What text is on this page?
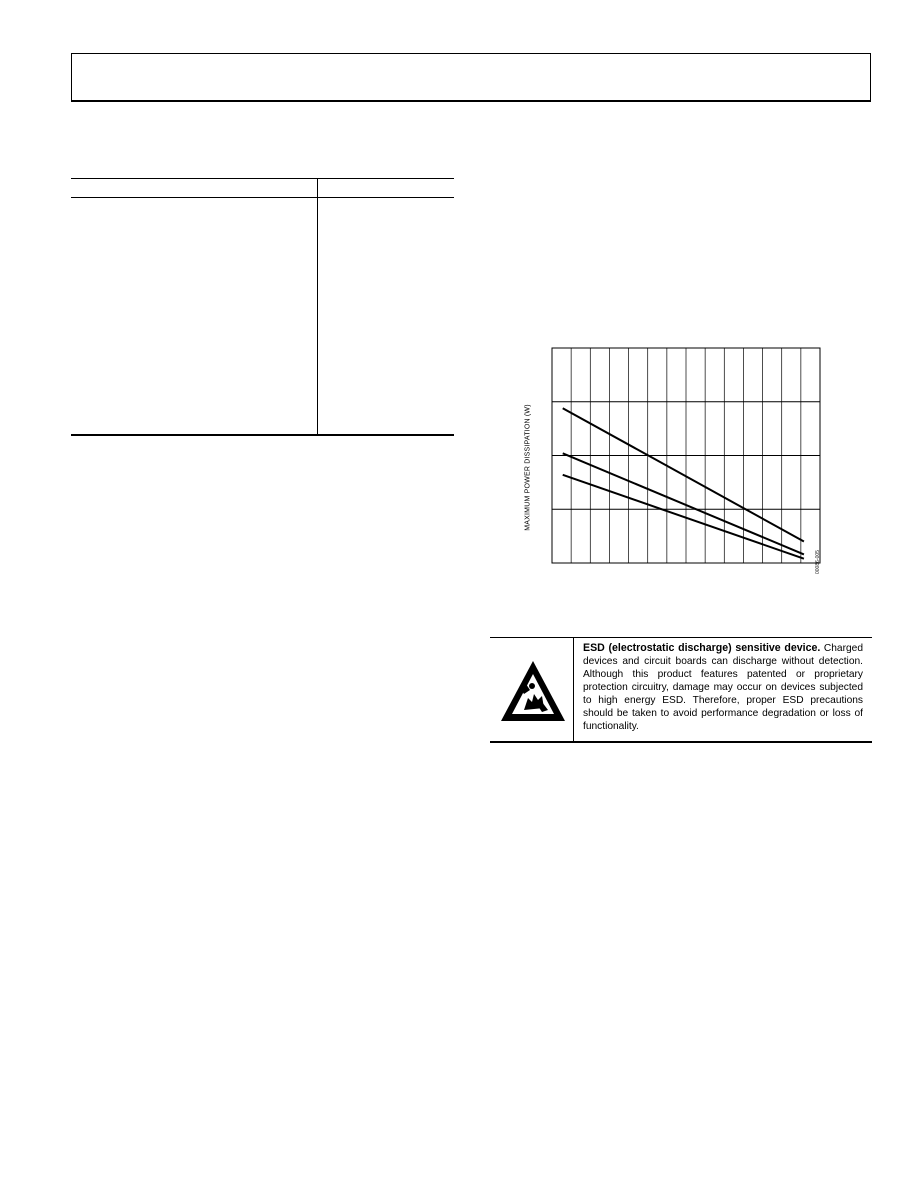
MAXIMUM POWER DISSIPATION (W)
00086-005
ESD (electrostatic discharge) sensitive device. Charged devices and circuit boards can discharge without detection. Although this product features patented or proprietary protection circuitry, damage may occur on devices subjected to high energy ESD. Therefore, proper ESD precautions should be taken to avoid performance degradation or loss of functionality.
